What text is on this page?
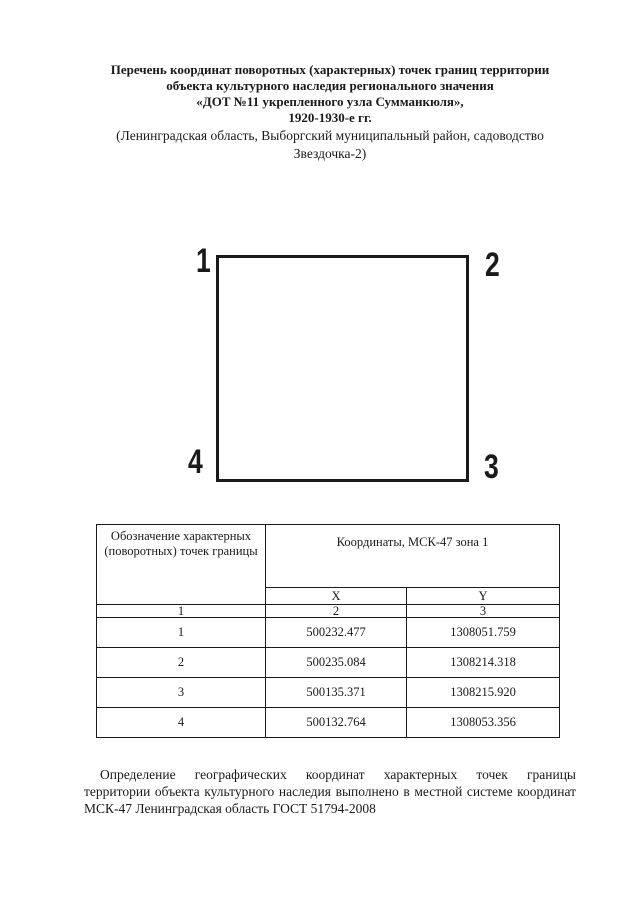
Перечень координат поворотных (характерных) точек границ территории
объекта культурного наследия регионального значения
«ДОТ №11 укрепленного узла Сумманкюля»,
1920-1930-е гг.
(Ленинградская область, Выборгский муниципальный район, садоводство
Звездочка-2)
1	2
3
4
Обозначение характерных (поворотных) точек границы	Координаты, МСК-47 зона 1	
	X	Y
1	2	3
1	500232.477	1308051.759
2	500235.084	1308214.318
3	500135.371	1308215.920
4	500132.764	1308053.356
Определение географических координат характерных точек границы
территории объекта культурного наследия выполнено в местной системе координат МСК-47 Ленинградская область ГОСТ 51794-2008
